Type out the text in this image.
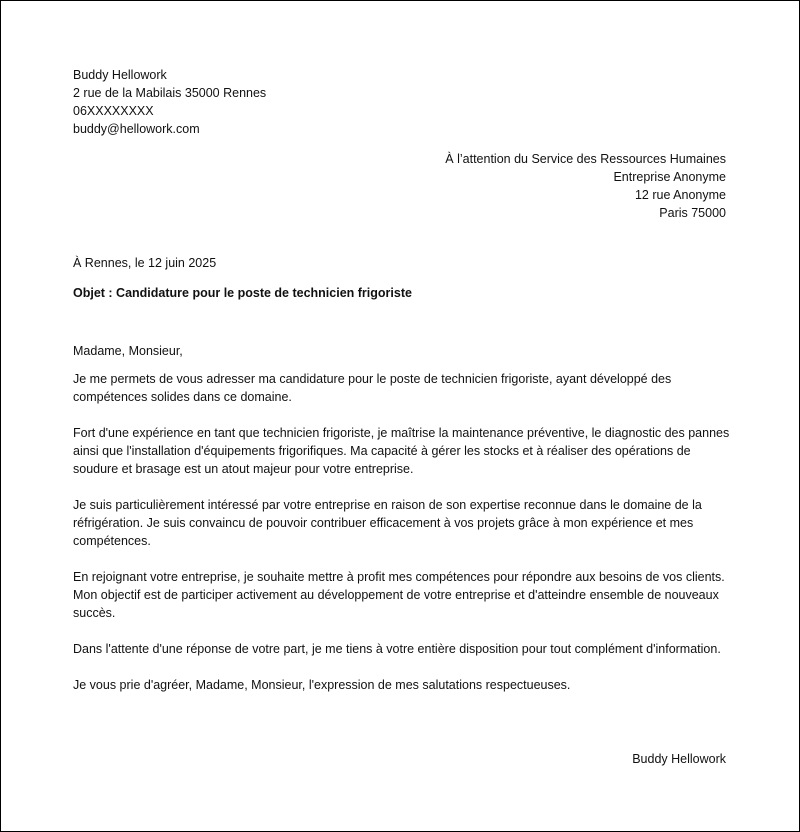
Buddy Hellowork
2 rue de la Mabilais 35000 Rennes
06XXXXXXXX
buddy@hellowork.com
À l’attention du Service des Ressources Humaines
Entreprise Anonyme
12 rue Anonyme
Paris 75000
À Rennes, le 12 juin 2025
Objet : Candidature pour le poste de technicien frigoriste

Madame, Monsieur,

Je me permets de vous adresser ma candidature pour le poste de technicien frigoriste, ayant développé des compétences solides dans ce domaine.

Fort d'une expérience en tant que technicien frigoriste, je maîtrise la maintenance préventive, le diagnostic des pannes ainsi que l'installation d'équipements frigorifiques. Ma capacité à gérer les stocks et à réaliser des opérations de soudure et brasage est un atout majeur pour votre entreprise.

Je suis particulièrement intéressé par votre entreprise en raison de son expertise reconnue dans le domaine de la réfrigération. Je suis convaincu de pouvoir contribuer efficacement à vos projets grâce à mon expérience et mes compétences.

En rejoignant votre entreprise, je souhaite mettre à profit mes compétences pour répondre aux besoins de vos clients. Mon objectif est de participer activement au développement de votre entreprise et d'atteindre ensemble de nouveaux succès.

Dans l'attente d'une réponse de votre part, je me tiens à votre entière disposition pour tout complément d'information.

Je vous prie d'agréer, Madame, Monsieur, l'expression de mes salutations respectueuses.

Buddy Hellowork
